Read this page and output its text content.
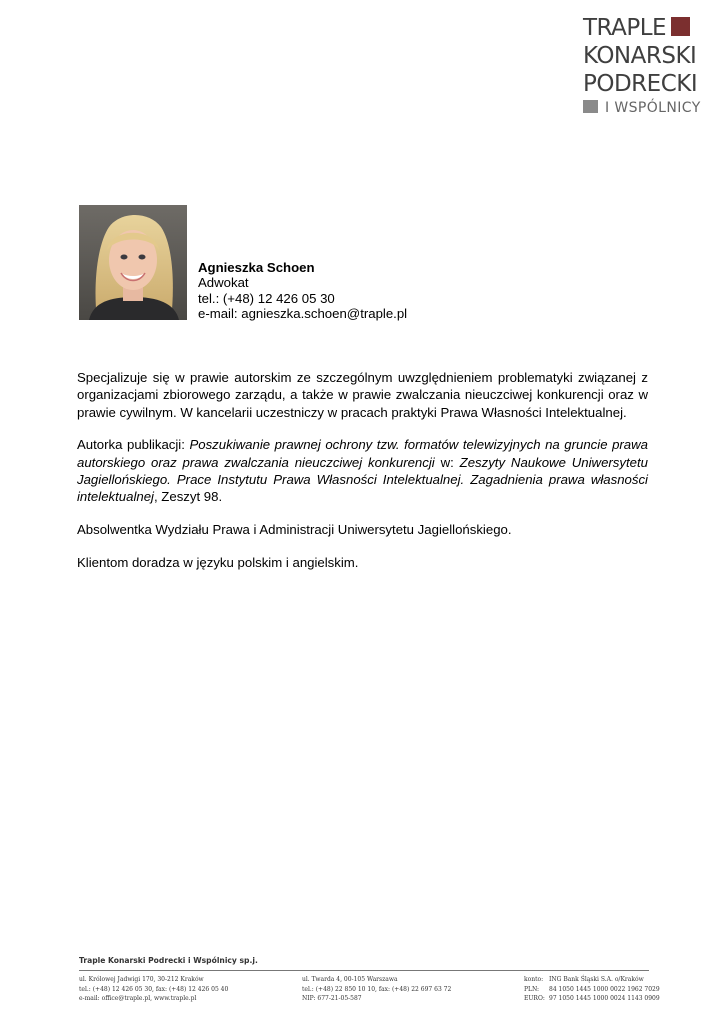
TRAPLE
KONARSKI
PODRECKI
I WSPÓLNICY
Agnieszka Schoen
Adwokat
tel.: (+48) 12 426 05 30
e-mail: agnieszka.schoen@traple.pl

Specjalizuje się w prawie autorskim ze szczególnym uwzględnieniem problematyki związanej z organizacjami zbiorowego zarządu, a także w prawie zwalczania nieuczciwej konkurencji oraz w prawie cywilnym. W kancelarii uczestniczy w pracach praktyki Prawa Własności Intelektualnej.

Autorka publikacji: Poszukiwanie prawnej ochrony tzw. formatów telewizyjnych na gruncie prawa autorskiego oraz prawa zwalczania nieuczciwej konkurencji w: Zeszyty Naukowe Uniwersytetu Jagiellońskiego. Prace Instytutu Prawa Własności Intelektualnej. Zagadnienia prawa własności intelektualnej, Zeszyt 98.

Absolwentka Wydziału Prawa i Administracji Uniwersytetu Jagiellońskiego.

Klientom doradza w języku polskim i angielskim.

Traple Konarski Podrecki i Wspólnicy sp.j.
ul. Królowej Jadwigi 170, 30-212 Kraków
tel.: (+48) 12 426 05 30, fax: (+48) 12 426 05 40
e-mail: office@traple.pl, www.traple.pl
ul. Twarda 4, 00-105 Warszawa
tel.: (+48) 22 850 10 10, fax: (+48) 22 697 63 72
NIP: 677-21-05-587
konto: ING Bank Śląski S.A. o/Kraków
PLN: 84 1050 1445 1000 0022 1962 7029
EURO: 97 1050 1445 1000 0024 1143 0909
